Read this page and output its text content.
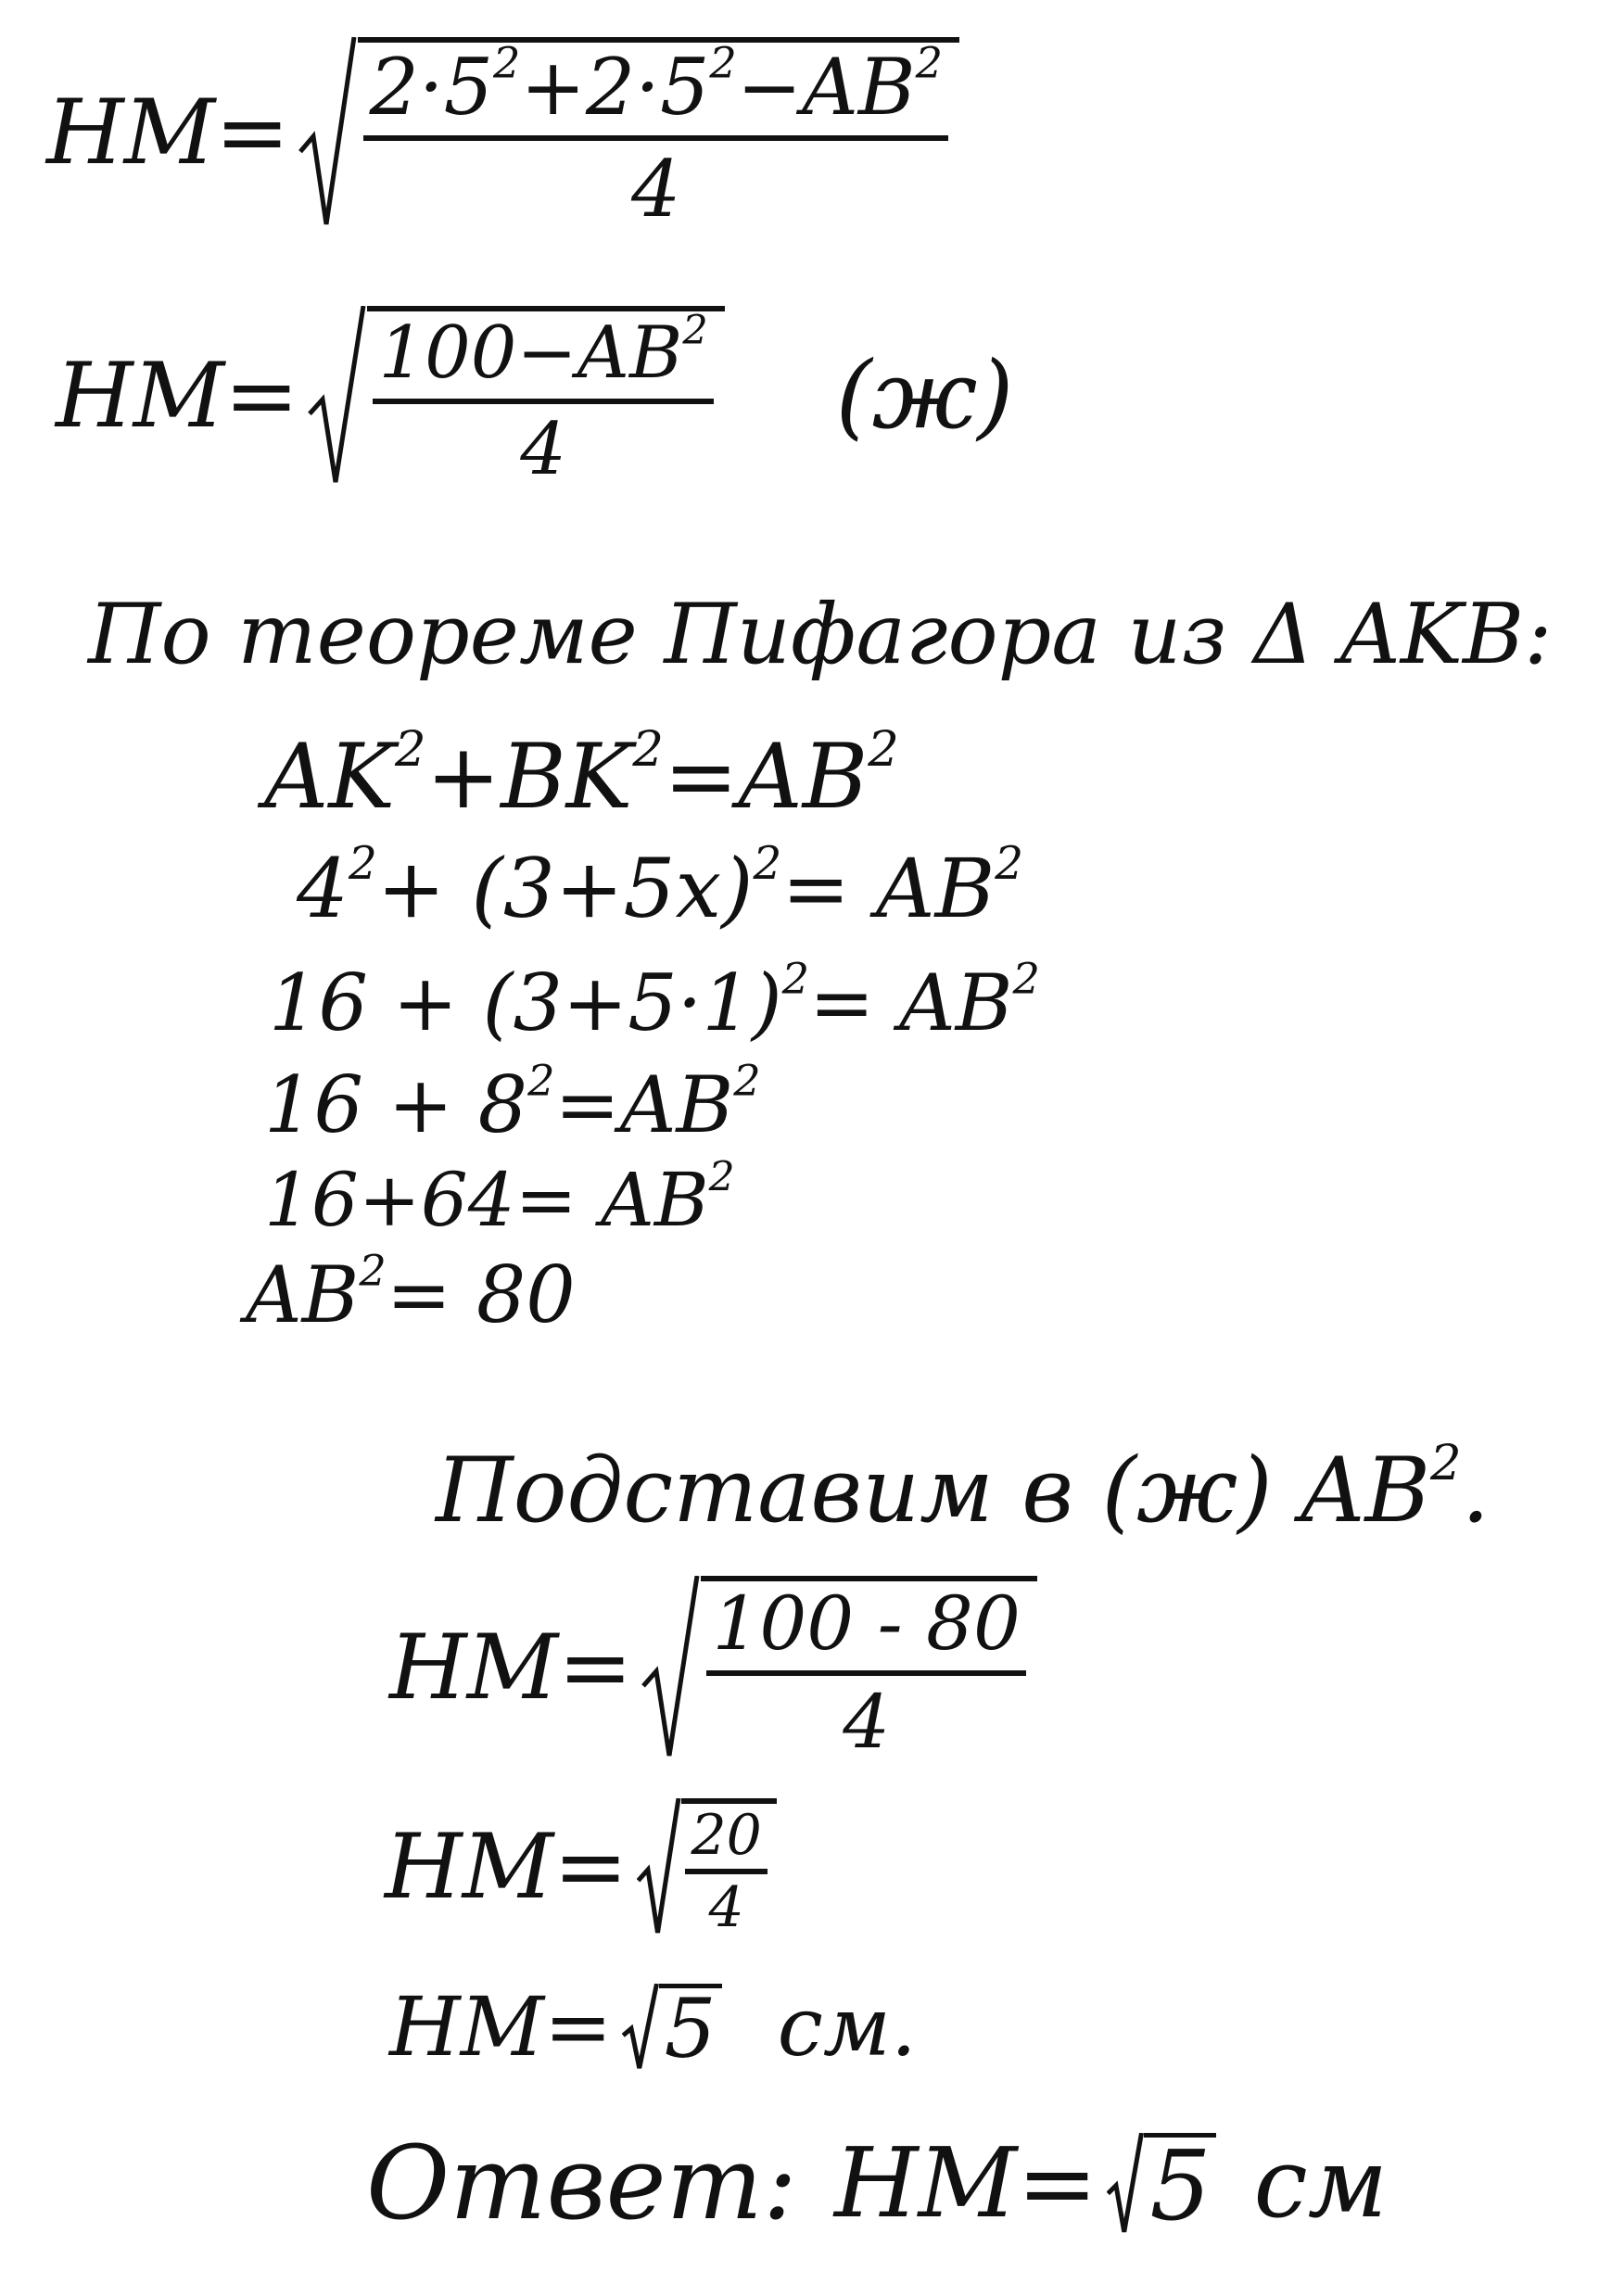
$HM= 2\cdot 5^2+2\cdot 5^2-AB^2$
4
$HM= 100-AB^2$
4	(ж)
По теореме Пифагора из Δ AKB:
$AK^2+BK^2=AB^2$
$4^2+ (3+5x)^2= AB^2$
$16 + (3+5\cdot 1)^2= AB^2$
$16 + 8^2=AB^2$
$16+64= AB^2$
$AB^2= 80$
Подставим в (ж) $AB^2$.
HM= 100 - 80
4
HM= 20
4
HM= 5 см.
Ответ: HM= 5 см
